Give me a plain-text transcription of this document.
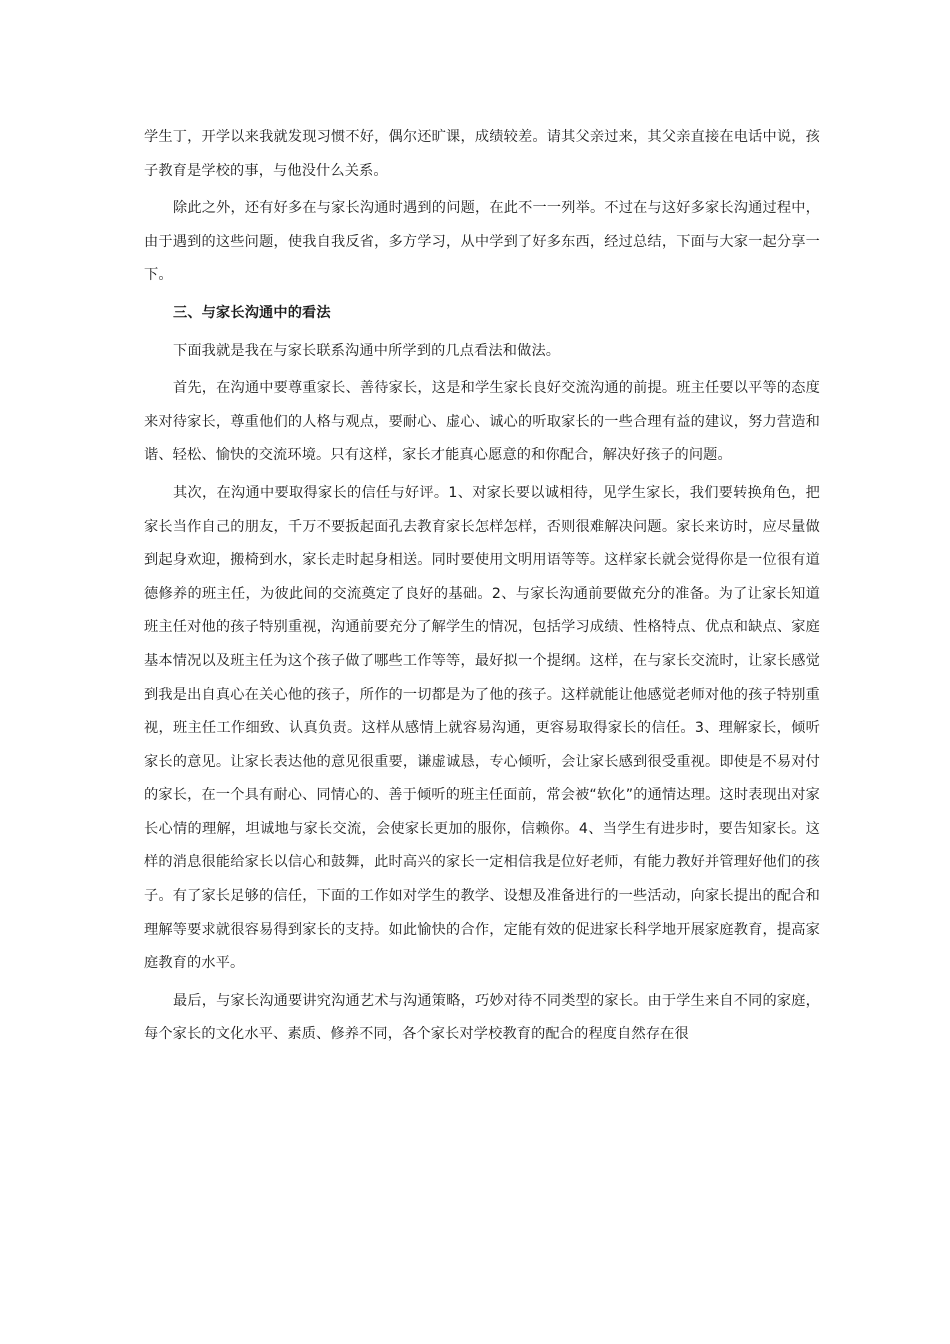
学生丁，开学以来我就发现习惯不好，偶尔还旷课，成绩较差。请其父亲过来，其父亲直接在电话中说，孩子教育是学校的事，与他没什么关系。

除此之外，还有好多在与家长沟通时遇到的问题，在此不一一列举。不过在与这好多家长沟通过程中，由于遇到的这些问题，使我自我反省，多方学习，从中学到了好多东西，经过总结，下面与大家一起分享一下。

三、与家长沟通中的看法

下面我就是我在与家长联系沟通中所学到的几点看法和做法。

首先，在沟通中要尊重家长、善待家长，这是和学生家长良好交流沟通的前提。班主任要以平等的态度来对待家长，尊重他们的人格与观点，要耐心、虚心、诚心的听取家长的一些合理有益的建议，努力营造和谐、轻松、愉快的交流环境。只有这样，家长才能真心愿意的和你配合，解决好孩子的问题。

其次，在沟通中要取得家长的信任与好评。1、对家长要以诚相待，见学生家长，我们要转换角色，把家长当作自己的朋友，千万不要扳起面孔去教育家长怎样怎样，否则很难解决问题。家长来访时，应尽量做到起身欢迎，搬椅到水，家长走时起身相送。同时要使用文明用语等等。这样家长就会觉得你是一位很有道德修养的班主任，为彼此间的交流奠定了良好的基础。2、与家长沟通前要做充分的准备。为了让家长知道班主任对他的孩子特别重视，沟通前要充分了解学生的情况，包括学习成绩、性格特点、优点和缺点、家庭基本情况以及班主任为这个孩子做了哪些工作等等，最好拟一个提纲。这样，在与家长交流时，让家长感觉到我是出自真心在关心他的孩子，所作的一切都是为了他的孩子。这样就能让他感觉老师对他的孩子特别重视，班主任工作细致、认真负责。这样从感情上就容易沟通，更容易取得家长的信任。3、理解家长，倾听家长的意见。让家长表达他的意见很重要，谦虚诚恳，专心倾听，会让家长感到很受重视。即使是不易对付的家长，在一个具有耐心、同情心的、善于倾听的班主任面前，常会被“软化”的通情达理。这时表现出对家长心情的理解，坦诚地与家长交流，会使家长更加的服你，信赖你。4、当学生有进步时，要告知家长。这样的消息很能给家长以信心和鼓舞，此时高兴的家长一定相信我是位好老师，有能力教好并管理好他们的孩子。有了家长足够的信任，下面的工作如对学生的教学、设想及准备进行的一些活动，向家长提出的配合和理解等要求就很容易得到家长的支持。如此愉快的合作，定能有效的促进家长科学地开展家庭教育，提高家庭教育的水平。

最后，与家长沟通要讲究沟通艺术与沟通策略，巧妙对待不同类型的家长。由于学生来自不同的家庭，每个家长的文化水平、素质、修养不同，各个家长对学校教育的配合的程度自然存在很
